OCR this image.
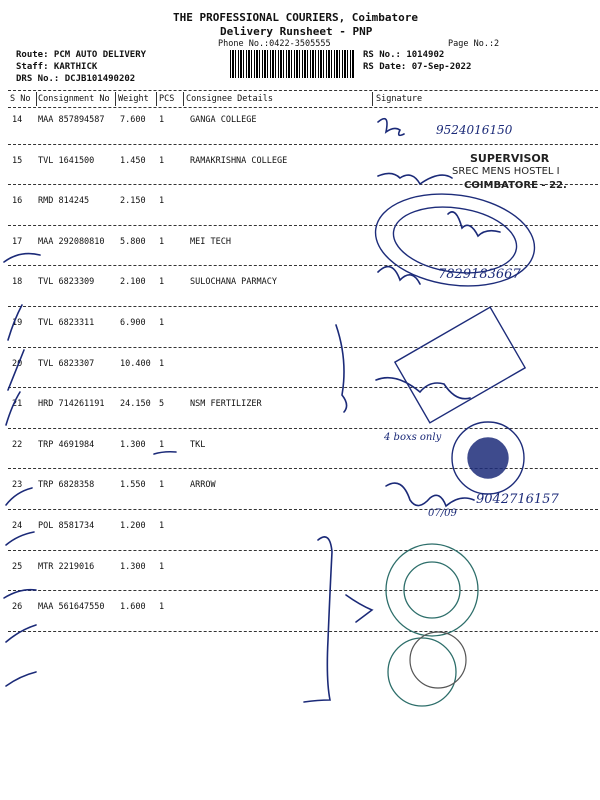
THE PROFESSIONAL COURIERS, Coimbatore
Delivery Runsheet - PNP
Phone No.:0422-3505555	Page No.:2
Route: PCM AUTO DELIVERY
Staff: KARTHICK
DRS No.: DCJB101490202
RS No.: 1014902
RS Date: 07-Sep-2022
S No Consignment No Weight PCS Consignee Details	Signature
14 MAA 857894587 7.600 1	GANGA COLLEGE
15 TVL 1641500	1.450 1	RAMAKRISHNA COLLEGE
16 RMD 814245	2.150 1
17 MAA 292080810 5.800 1	MEI TECH
18 TVL 6823309	2.100 1	SULOCHANA PARMACY
19 TVL 6823311	6.900 1
20 TVL 6823307	10.400 1
21 HRD 714261191 24.150 5	NSM FERTILIZER
22 TRP 4691984	1.300 1	TKL
23 TRP 6828358	1.550 1	ARROW
24 POL 8581734	1.200 1
25 MTR 2219016	1.300 1
26 MAA 561647550 1.600 1
9524016150
SUPERVISOR
SREC MENS HOSTEL I
COIMBATORE - 22.
7829183667
4 boxs only
9042716157
07/09
